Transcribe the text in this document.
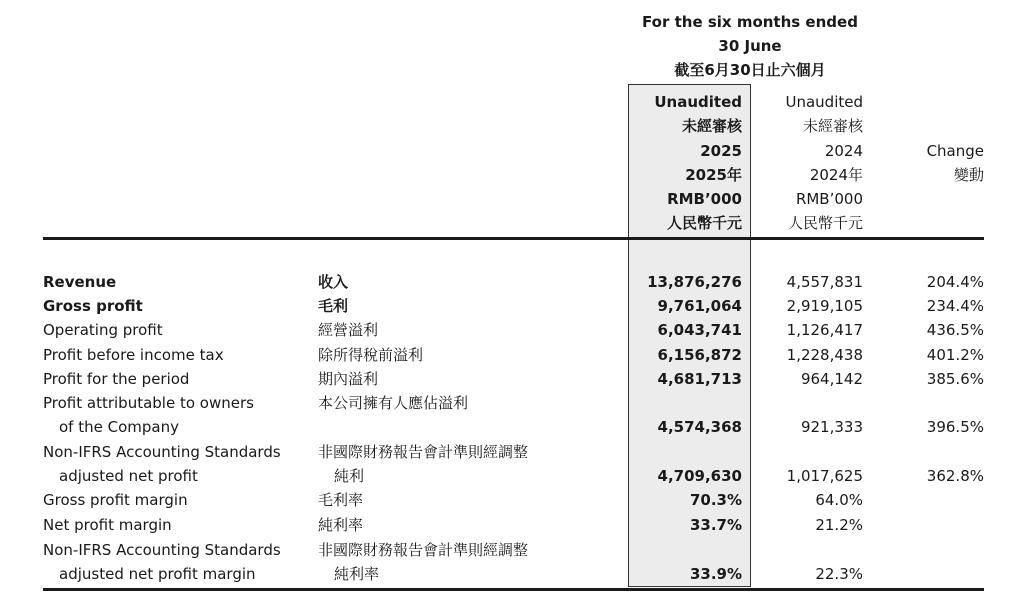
For the six months ended
30 June
截至6月30日止六個月
Unaudited
未經審核
2025
2025年
RMB’000
人民幣千元
Unaudited
未經審核
2024
2024年
RMB’000
人民幣千元
Change
變動
Revenue	收入	13,876,276	4,557,831	204.4%
Gross profit	毛利	9,761,064	2,919,105	234.4%
Operating profit	經營溢利	6,043,741	1,126,417	436.5%
Profit before income tax	除所得稅前溢利	6,156,872	1,228,438	401.2%
Profit for the period	期內溢利	4,681,713	964,142	385.6%
Profit attributable to owners	本公司擁有人應佔溢利
of the Company	4,574,368	921,333	396.5%
Non-IFRS Accounting Standards 非國際財務報告會計準則經調整
adjusted net profit	純利	4,709,630	1,017,625	362.8%
Gross profit margin	毛利率	70.3%	64.0%
Net profit margin	純利率	33.7%	21.2%
Non-IFRS Accounting Standards 非國際財務報告會計準則經調整
adjusted net profit margin	純利率	33.9%	22.3%
